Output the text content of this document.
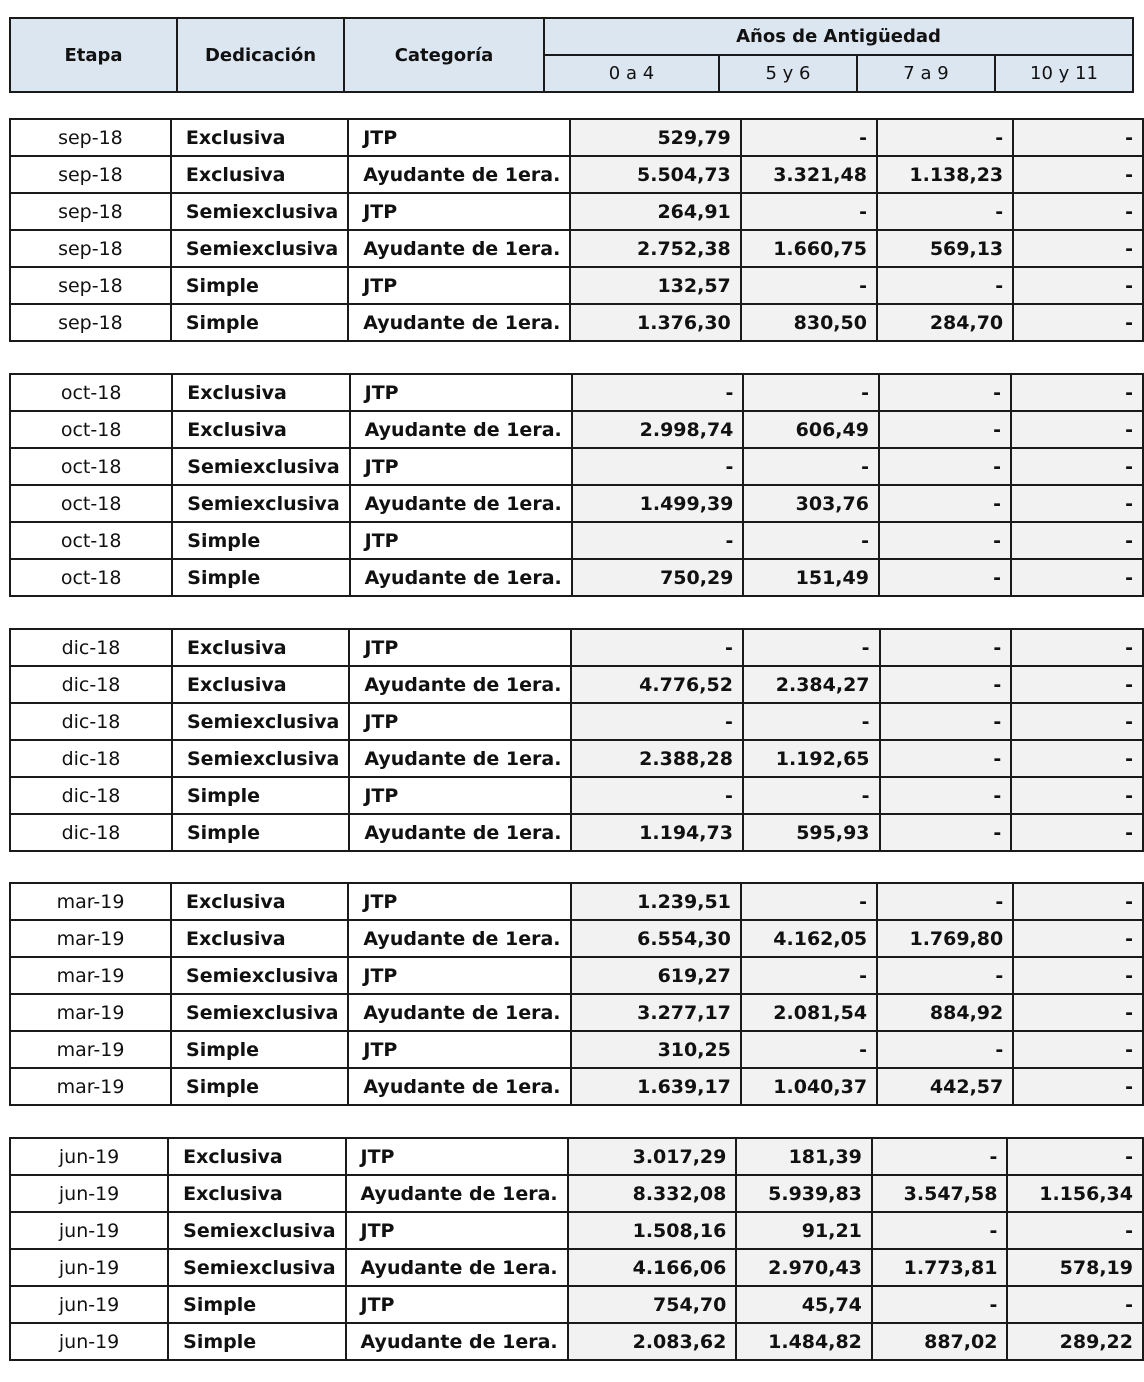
Etapa	Dedicación	Categoría	Años de Antigüedad			
			0 a 4	5 y 6	7 a 9	10 y 11
sep-18	Exclusiva	JTP	529,79	-	-	-
sep-18	Exclusiva	Ayudante de 1era.	5.504,73	3.321,48	1.138,23	-
sep-18	Semiexclusiva	JTP	264,91	-	-	-
sep-18	Semiexclusiva	Ayudante de 1era.	2.752,38	1.660,75	569,13	-
sep-18	Simple	JTP	132,57	-	-	-
sep-18	Simple	Ayudante de 1era.	1.376,30	830,50	284,70	-
oct-18	Exclusiva	JTP	-	-	-	-
oct-18	Exclusiva	Ayudante de 1era.	2.998,74	606,49	-	-
oct-18	Semiexclusiva	JTP	-	-	-	-
oct-18	Semiexclusiva	Ayudante de 1era.	1.499,39	303,76	-	-
oct-18	Simple	JTP	-	-	-	-
oct-18	Simple	Ayudante de 1era.	750,29	151,49	-	-
dic-18	Exclusiva	JTP	-	-	-	-
dic-18	Exclusiva	Ayudante de 1era.	4.776,52	2.384,27	-	-
dic-18	Semiexclusiva	JTP	-	-	-	-
dic-18	Semiexclusiva	Ayudante de 1era.	2.388,28	1.192,65	-	-
dic-18	Simple	JTP	-	-	-	-
dic-18	Simple	Ayudante de 1era.	1.194,73	595,93	-	-
mar-19	Exclusiva	JTP	1.239,51	-	-	-
mar-19	Exclusiva	Ayudante de 1era.	6.554,30	4.162,05	1.769,80	-
mar-19	Semiexclusiva	JTP	619,27	-	-	-
mar-19	Semiexclusiva	Ayudante de 1era.	3.277,17	2.081,54	884,92	-
mar-19	Simple	JTP	310,25	-	-	-
mar-19	Simple	Ayudante de 1era.	1.639,17	1.040,37	442,57	-
jun-19	Exclusiva	JTP	3.017,29	181,39	-	-
jun-19	Exclusiva	Ayudante de 1era.	8.332,08	5.939,83	3.547,58	1.156,34
jun-19	Semiexclusiva	JTP	1.508,16	91,21	-	-
jun-19	Semiexclusiva	Ayudante de 1era.	4.166,06	2.970,43	1.773,81	578,19
jun-19	Simple	JTP	754,70	45,74	-	-
jun-19	Simple	Ayudante de 1era.	2.083,62	1.484,82	887,02	289,22
